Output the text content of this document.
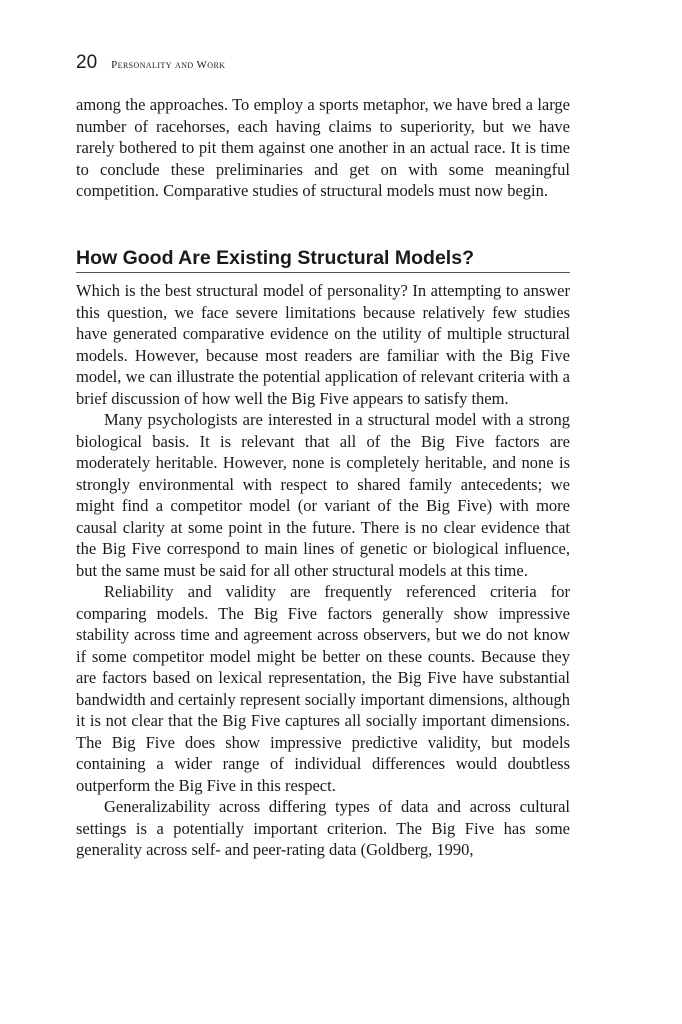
20 Personality and Work

among the approaches. To employ a sports metaphor, we have bred a large number of racehorses, each having claims to superiority, but we have rarely bothered to pit them against one another in an actual race. It is time to conclude these preliminaries and get on with some meaningful competition. Comparative studies of structural models must now begin.

How Good Are Existing Structural Models?

Which is the best structural model of personality? In attempting to answer this question, we face severe limitations because relatively few studies have generated comparative evidence on the utility of multiple structural models. However, because most readers are familiar with the Big Five model, we can illustrate the potential application of relevant criteria with a brief discussion of how well the Big Five appears to satisfy them.

Many psychologists are interested in a structural model with a strong biological basis. It is relevant that all of the Big Five factors are moderately heritable. However, none is completely heritable, and none is strongly environmental with respect to shared family antecedents; we might find a competitor model (or variant of the Big Five) with more causal clarity at some point in the future. There is no clear evidence that the Big Five correspond to main lines of genetic or biological influence, but the same must be said for all other structural models at this time.

Reliability and validity are frequently referenced criteria for comparing models. The Big Five factors generally show impressive stability across time and agreement across observers, but we do not know if some competitor model might be better on these counts. Because they are factors based on lexical representation, the Big Five have substantial bandwidth and certainly represent socially important dimensions, although it is not clear that the Big Five captures all socially important dimensions. The Big Five does show impressive predictive validity, but models containing a wider range of individual differences would doubtless outperform the Big Five in this respect.

Generalizability across differing types of data and across cultural settings is a potentially important criterion. The Big Five has some generality across self- and peer-rating data (Goldberg, 1990,
